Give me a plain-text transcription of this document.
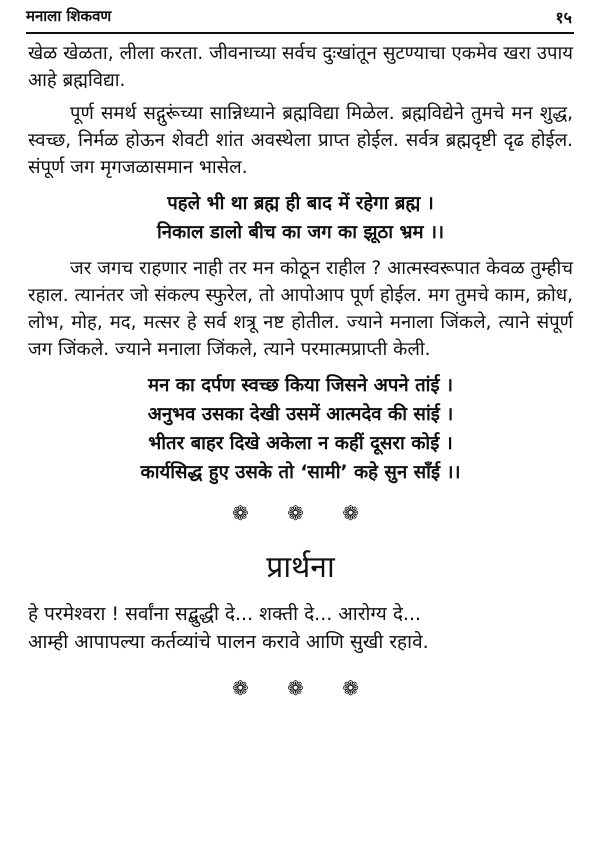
मनाला शिकवण	१५

खेळ खेळता, लीला करता. जीवनाच्या सर्वच दुःखांतून सुटण्याचा एकमेव खरा उपाय आहे ब्रह्मविद्या.

पूर्ण समर्थ सद्गुरूंच्या सान्निध्याने ब्रह्मविद्या मिळेल. ब्रह्मविद्येने तुमचे मन शुद्ध, स्वच्छ, निर्मळ होऊन शेवटी शांत अवस्थेला प्राप्त होईल. सर्वत्र ब्रह्मदृष्टी दृढ होईल. संपूर्ण जग मृगजळासमान भासेल.

पहले भी था ब्रह्म ही बाद में रहेगा ब्रह्म ।

निकाल डालो बीच का जग का झूठा भ्रम ।।

जर जगच राहणार नाही तर मन कोठून राहील ? आत्मस्वरूपात केवळ तुम्हीच रहाल. त्यानंतर जो संकल्प स्फुरेल, तो आपोआप पूर्ण होईल. मग तुमचे काम, क्रोध, लोभ, मोह, मद, मत्सर हे सर्व शत्रू नष्ट होतील. ज्याने मनाला जिंकले, त्याने संपूर्ण जग जिंकले. ज्याने मनाला जिंकले, त्याने परमात्मप्राप्ती केली.

मन का दर्पण स्वच्छ किया जिसने अपने तांई ।

अनुभव उसका देखी उसमें आत्मदेव की सांई ।

भीतर बाहर दिखे अकेला न कहीं दूसरा कोई ।

कार्यसिद्ध हुए उसके तो ‘सामी’ कहे सुन साँई ।।

❁ ❁ ❁
प्रार्थना

हे परमेश्वरा ! सर्वांना सद्बुद्धी दे... शक्ती दे... आरोग्य दे...

आम्ही आपापल्या कर्तव्यांचे पालन करावे आणि सुखी रहावे.

❁ ❁ ❁
